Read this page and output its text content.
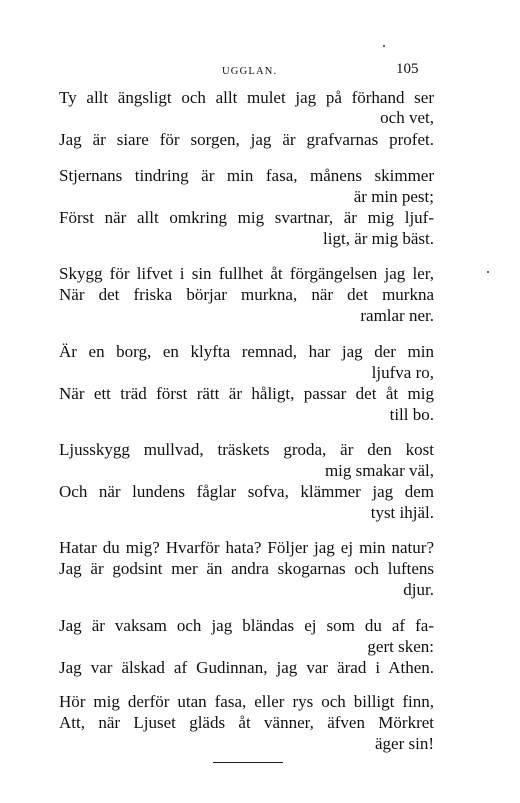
UGGLAN.	105
Ty allt ängsligt och allt mulet jag på förhand ser
och vet,
Jag är siare för sorgen, jag är grafvarnas profet.
Stjernans tindring är min fasa, månens skimmer
är min pest;
Först när allt omkring mig svartnar, är mig ljuf-
ligt, är mig bäst.
Skygg för lifvet i sin fullhet åt förgängelsen jag ler,
När det friska börjar murkna, när det murkna
ramlar ner.
Är en borg, en klyfta remnad, har jag der min
ljufva ro,
När ett träd först rätt är håligt, passar det åt mig
till bo.
Ljusskygg mullvad, träskets groda, är den kost
mig smakar väl,
Och när lundens fåglar sofva, klämmer jag dem
tyst ihjäl.
Hatar du mig? Hvarför hata? Följer jag ej min natur?
Jag är godsint mer än andra skogarnas och luftens
djur.
Jag är vaksam och jag bländas ej som du af fa-
gert sken:
Jag var älskad af Gudinnan, jag var ärad i Athen.
Hör mig derför utan fasa, eller rys och billigt finn,
Att, när Ljuset gläds åt vänner, äfven Mörkret
äger sin!
